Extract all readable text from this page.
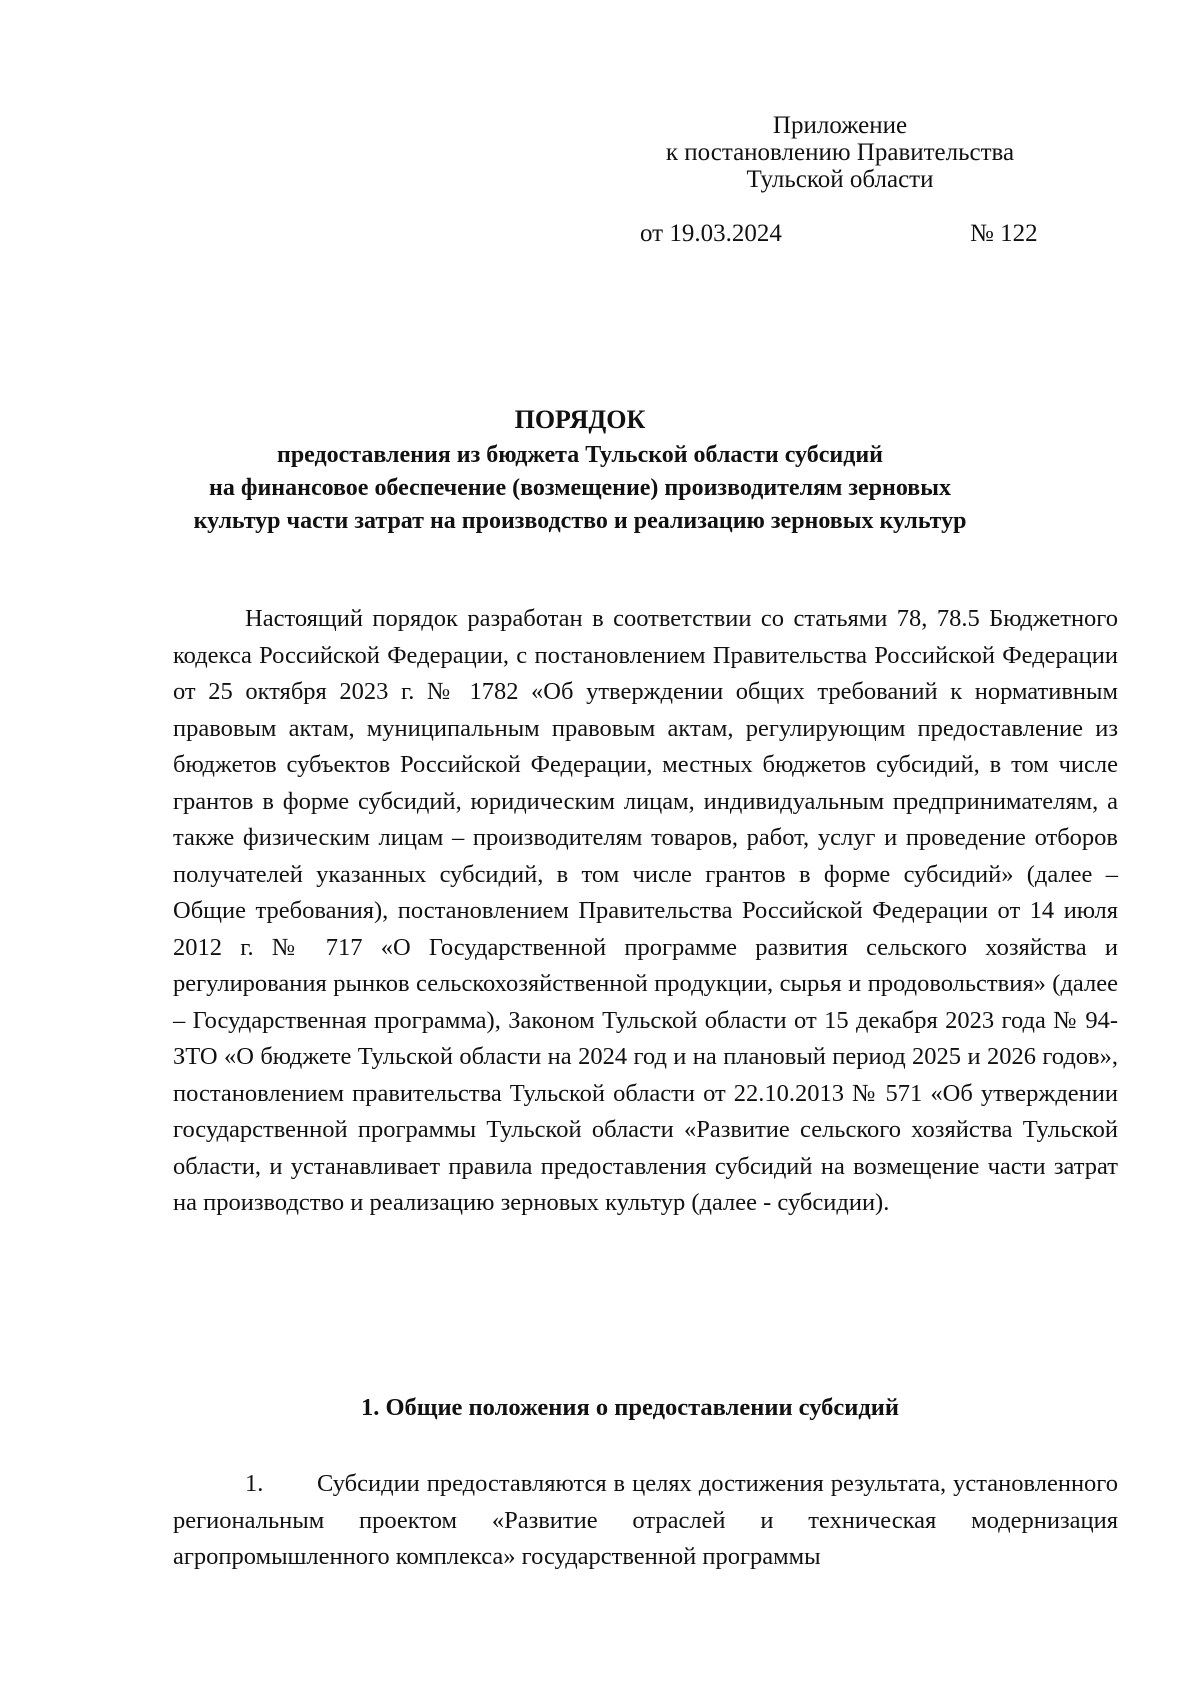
Приложение
к постановлению Правительства
Тульской области
от 19.03.2024	№ 122
ПОРЯДОК
предоставления из бюджета Тульской области субсидий
на финансовое обеспечение (возмещение) производителям зерновых
культур части затрат на производство и реализацию зерновых культур

Настоящий порядок разработан в соответствии со статьями 78, 78.5 Бюджетного кодекса Российской Федерации, с постановлением Правительства Российской Федерации от 25 октября 2023 г. № 1782 «Об утверждении общих требований к нормативным правовым актам, муниципальным правовым актам, регулирующим предоставление из бюджетов субъектов Российской Федерации, местных бюджетов субсидий, в том числе грантов в форме субсидий, юридическим лицам, индивидуальным предпринимателям, а также физическим лицам – производителям товаров, работ, услуг и проведение отборов получателей указанных субсидий, в том числе грантов в форме субсидий» (далее – Общие требования), постановлением Правительства Российской Федерации от 14 июля 2012 г. № 717 «О Государственной программе развития сельского хозяйства и регулирования рынков сельскохозяйственной продукции, сырья и продовольствия» (далее – Государственная программа), Законом Тульской области от 15 декабря 2023 года № 94-ЗТО «О бюджете Тульской области на 2024 год и на плановый период 2025 и 2026 годов», постановлением правительства Тульской области от 22.10.2013 № 571 «Об утверждении государственной программы Тульской области «Развитие сельского хозяйства Тульской области, и устанавливает правила предоставления субсидий на возмещение части затрат на производство и реализацию зерновых культур (далее - субсидии).

1. Общие положения о предоставлении субсидий

1. Субсидии предоставляются в целях достижения результата, установленного региональным проектом «Развитие отраслей и техническая модернизация агропромышленного комплекса» государственной программы
